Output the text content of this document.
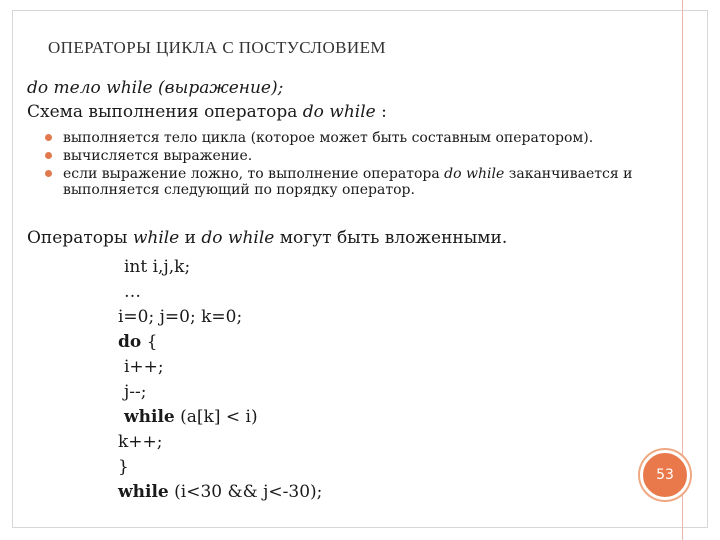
ОПЕРАТОРЫ ЦИКЛА С ПОСТУСЛОВИЕМ
do тело while (выражение);
Схема выполнения оператора do while :
выполняется тело цикла (которое может быть составным оператором).
вычисляется выражение.
если выражение ложно, то выполнение оператора do while заканчивается и выполняется следующий по порядку оператор.
Операторы while и do while могут быть вложенными.
int i,j,k;
…
i=0; j=0; k=0;
do {
i++;
j--;
while (a[k] < i)
k++;
}
while (i<30 && j<-30);
53
